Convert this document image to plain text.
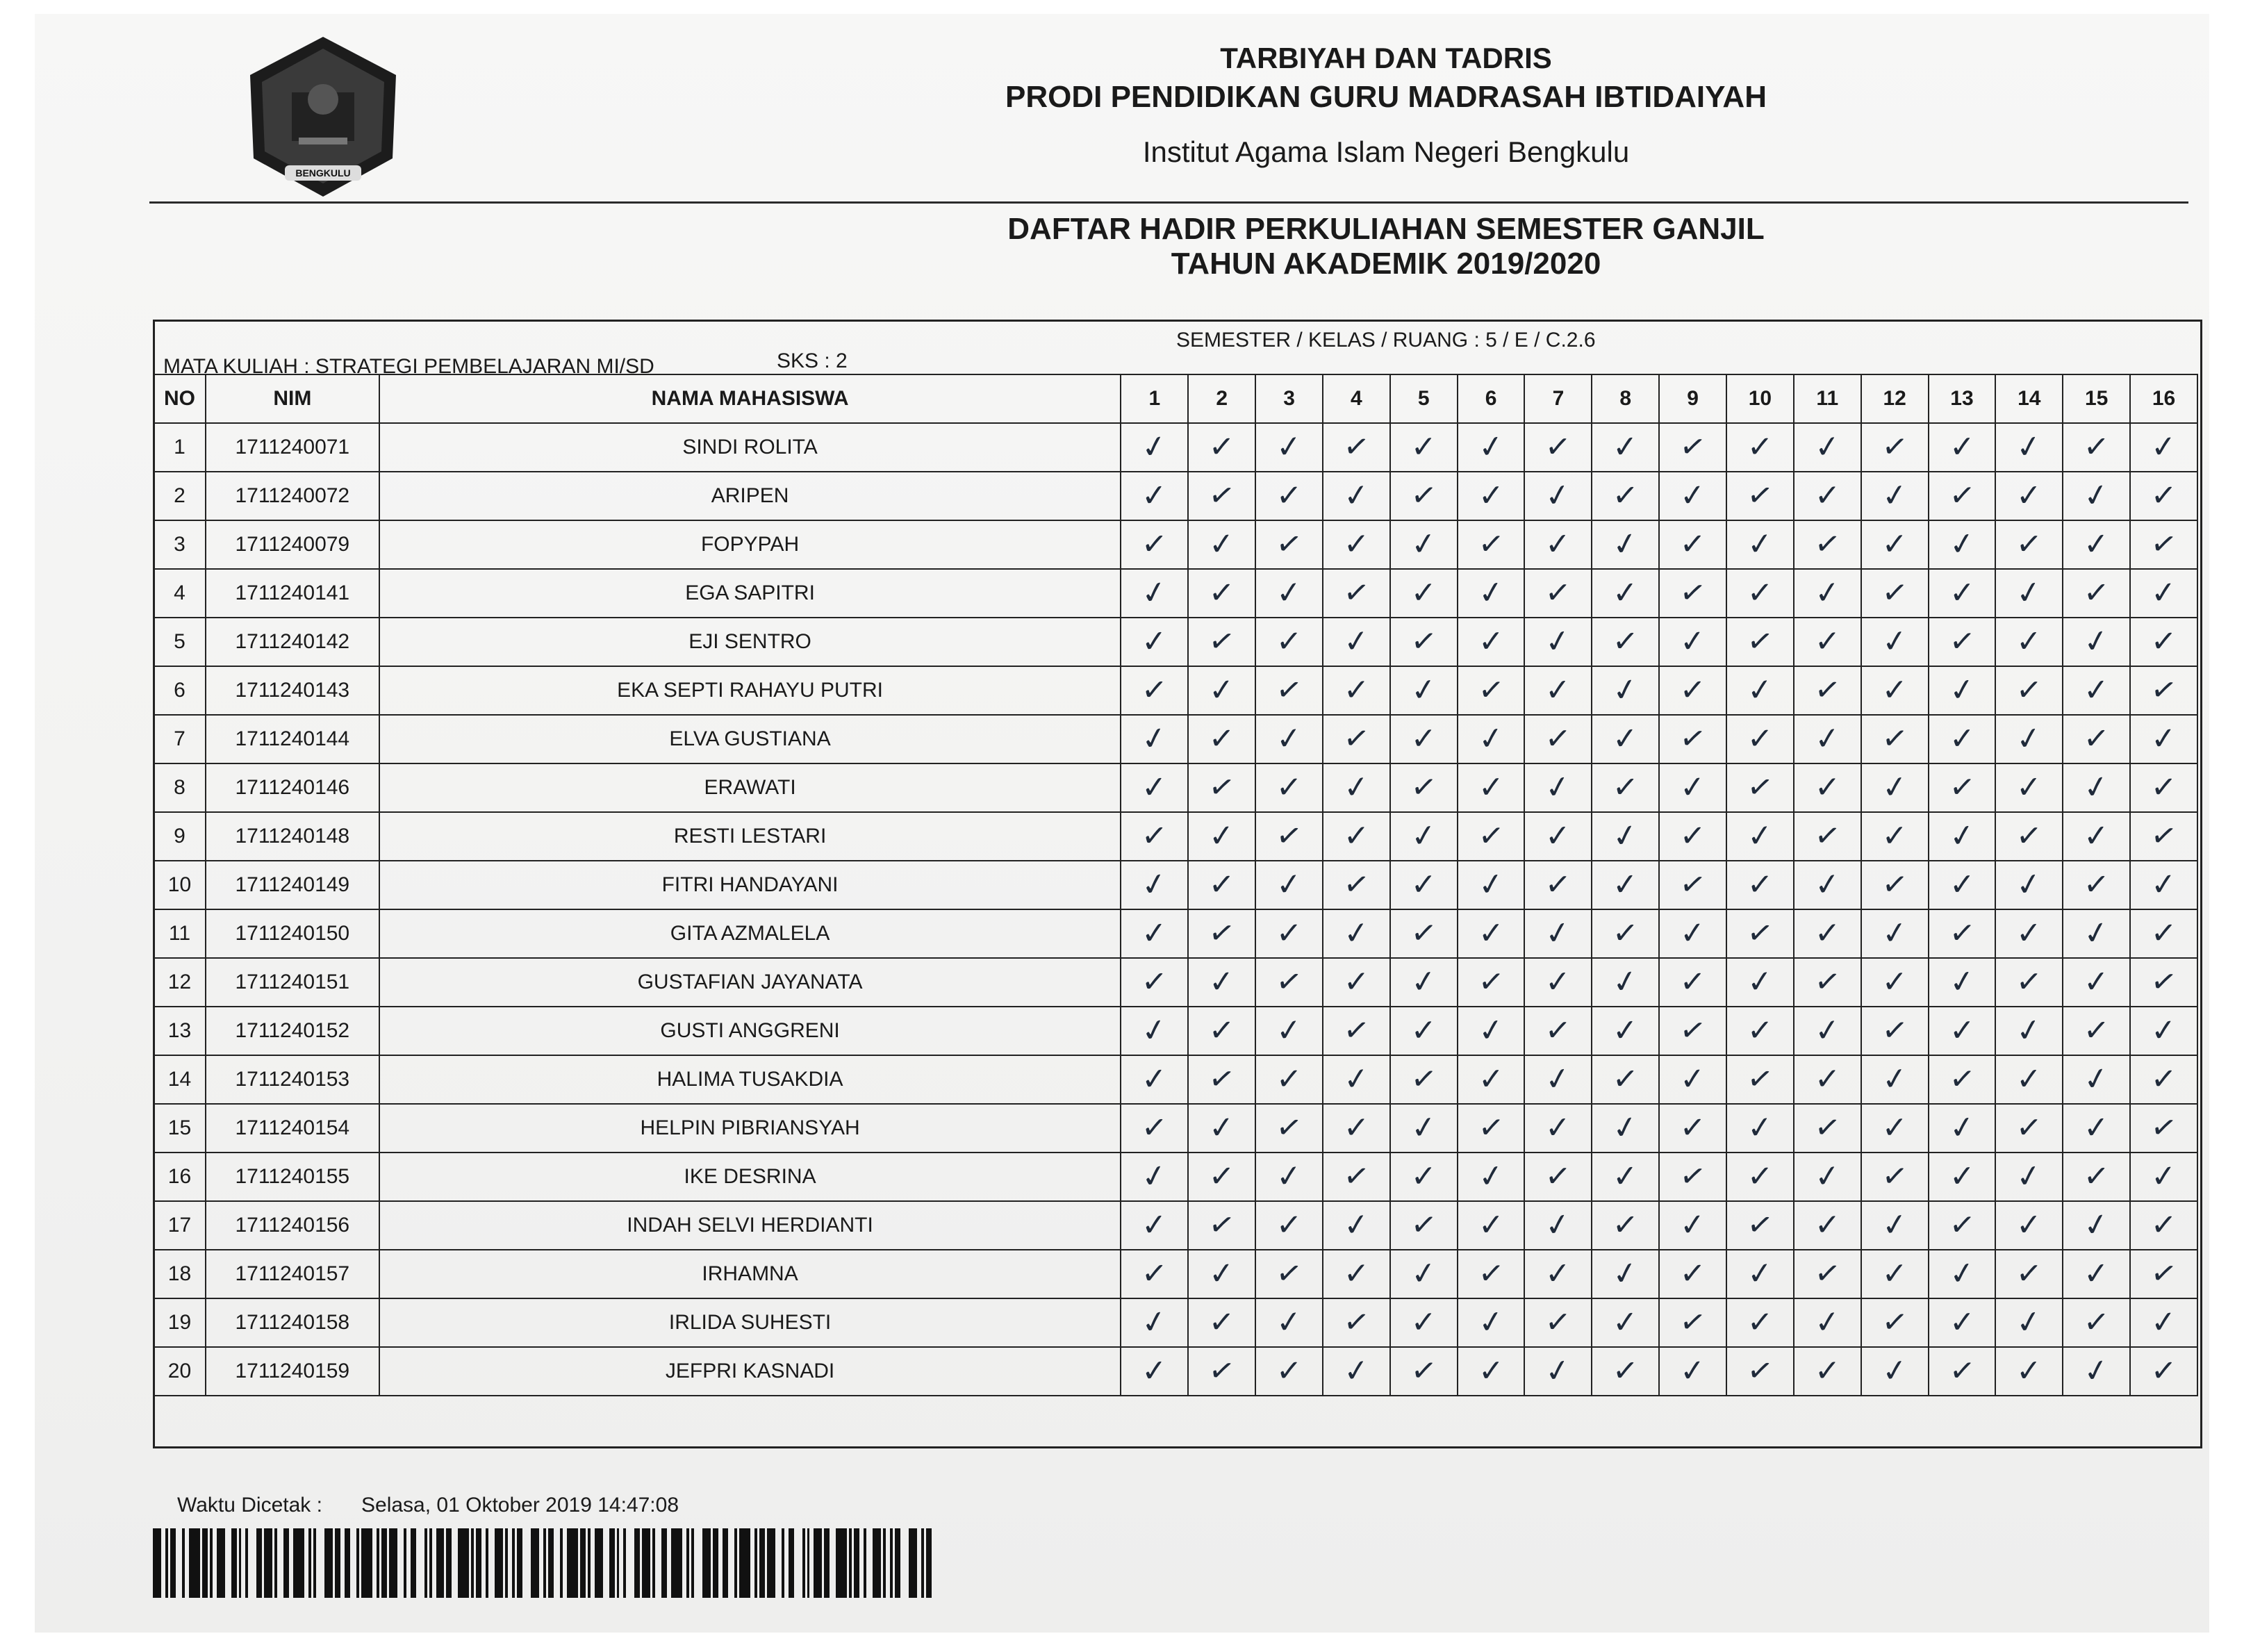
BENGKULU
TARBIYAH DAN TADRIS
PRODI PENDIDIKAN GURU MADRASAH IBTIDAIYAH
Institut Agama Islam Negeri Bengkulu
DAFTAR HADIR PERKULIAHAN SEMESTER GANJIL
TAHUN AKADEMIK 2019/2020
MATA KULIAH : STRATEGI PEMBELAJARAN MI/SD	SKS : 2
SEMESTER / KELAS / RUANG : 5 / E / C.2.6
NO	NIM	NAMA MAHASISWA	1	2	3	4	5	6	7	8	9	10	11	12	13	14	15	16
1	1711240071	SINDI ROLITA	✓	✓	✓	✓	✓	✓	✓	✓	✓	✓	✓	✓	✓	✓	✓	✓
2	1711240072	ARIPEN	✓	✓	✓	✓	✓	✓	✓	✓	✓	✓	✓	✓	✓	✓	✓	✓
3	1711240079	FOPYPAH	✓	✓	✓	✓	✓	✓	✓	✓	✓	✓	✓	✓	✓	✓	✓	✓
4	1711240141	EGA SAPITRI	✓	✓	✓	✓	✓	✓	✓	✓	✓	✓	✓	✓	✓	✓	✓	✓
5	1711240142	EJI SENTRO	✓	✓	✓	✓	✓	✓	✓	✓	✓	✓	✓	✓	✓	✓	✓	✓
6	1711240143	EKA SEPTI RAHAYU PUTRI	✓	✓	✓	✓	✓	✓	✓	✓	✓	✓	✓	✓	✓	✓	✓	✓
7	1711240144	ELVA GUSTIANA	✓	✓	✓	✓	✓	✓	✓	✓	✓	✓	✓	✓	✓	✓	✓	✓
8	1711240146	ERAWATI	✓	✓	✓	✓	✓	✓	✓	✓	✓	✓	✓	✓	✓	✓	✓	✓
9	1711240148	RESTI LESTARI	✓	✓	✓	✓	✓	✓	✓	✓	✓	✓	✓	✓	✓	✓	✓	✓
10	1711240149	FITRI HANDAYANI	✓	✓	✓	✓	✓	✓	✓	✓	✓	✓	✓	✓	✓	✓	✓	✓
11	1711240150	GITA AZMALELA	✓	✓	✓	✓	✓	✓	✓	✓	✓	✓	✓	✓	✓	✓	✓	✓
12	1711240151	GUSTAFIAN JAYANATA	✓	✓	✓	✓	✓	✓	✓	✓	✓	✓	✓	✓	✓	✓	✓	✓
13	1711240152	GUSTI ANGGRENI	✓	✓	✓	✓	✓	✓	✓	✓	✓	✓	✓	✓	✓	✓	✓	✓
14	1711240153	HALIMA TUSAKDIA	✓	✓	✓	✓	✓	✓	✓	✓	✓	✓	✓	✓	✓	✓	✓	✓
15	1711240154	HELPIN PIBRIANSYAH	✓	✓	✓	✓	✓	✓	✓	✓	✓	✓	✓	✓	✓	✓	✓	✓
16	1711240155	IKE DESRINA	✓	✓	✓	✓	✓	✓	✓	✓	✓	✓	✓	✓	✓	✓	✓	✓
17	1711240156	INDAH SELVI HERDIANTI	✓	✓	✓	✓	✓	✓	✓	✓	✓	✓	✓	✓	✓	✓	✓	✓
18	1711240157	IRHAMNA	✓	✓	✓	✓	✓	✓	✓	✓	✓	✓	✓	✓	✓	✓	✓	✓
19	1711240158	IRLIDA SUHESTI	✓	✓	✓	✓	✓	✓	✓	✓	✓	✓	✓	✓	✓	✓	✓	✓
20	1711240159	JEFPRI KASNADI	✓	✓	✓	✓	✓	✓	✓	✓	✓	✓	✓	✓	✓	✓	✓	✓
Waktu Dicetak : Selasa, 01 Oktober 2019 14:47:08
